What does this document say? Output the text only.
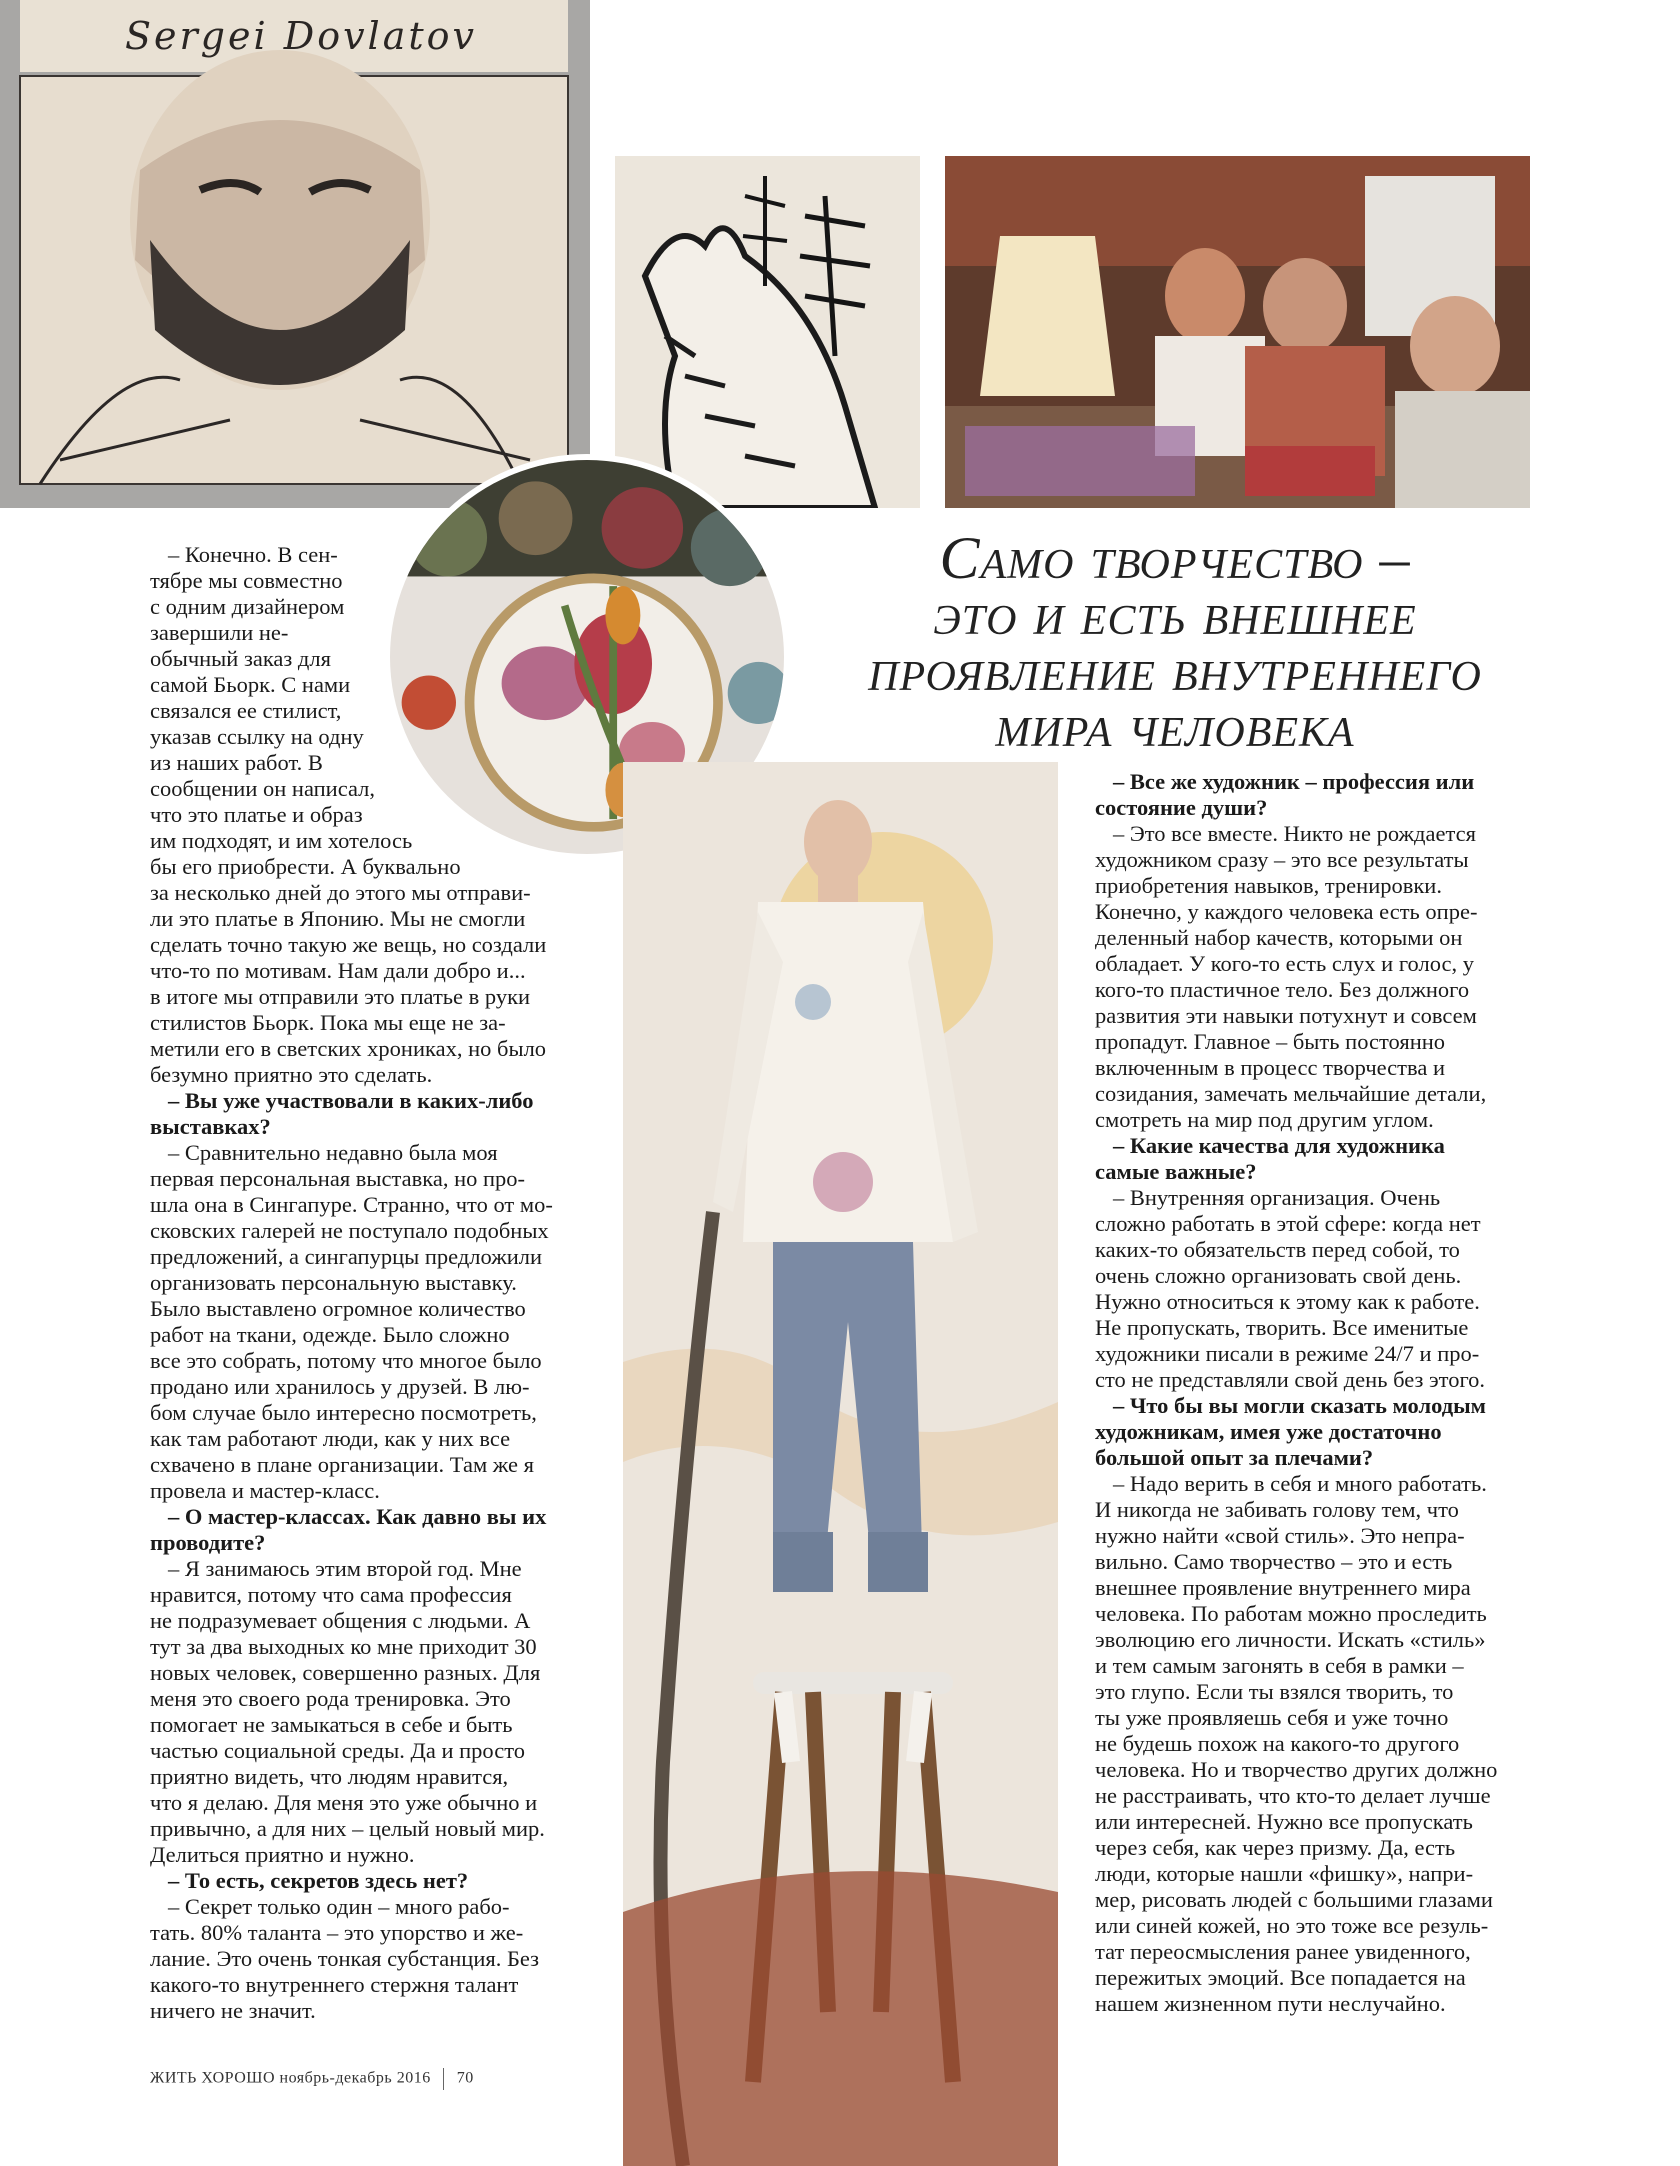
Sergei Dovlatov
Само творчество –
это и есть внешнее
проявление внутреннего
мира человека

– Конечно. В сен-

тябре мы совместно

с одним дизайнером

завершили не-

обычный заказ для

самой Бьорк. С нами

связался ее стилист,

указав ссылку на одну

из наших работ. В

сообщении он написал,

что это платье и образ

им подходят, и им хотелось

бы его приобрести. А буквально

за несколько дней до этого мы отправи-

ли это платье в Японию. Мы не смогли

сделать точно такую же вещь, но создали

что-то по мотивам. Нам дали добро и...

в итоге мы отправили это платье в руки

стилистов Бьорк. Пока мы еще не за-

метили его в светских хрониках, но было

безумно приятно это сделать.

– Вы уже участвовали в каких-либо

выставках?

– Сравнительно недавно была моя

первая персональная выставка, но про-

шла она в Сингапуре. Странно, что от мо-

сковских галерей не поступало подобных

предложений, а сингапурцы предложили

организовать персональную выставку.

Было выставлено огромное количество

работ на ткани, одежде. Было сложно

все это собрать, потому что многое было

продано или хранилось у друзей. В лю-

бом случае было интересно посмотреть,

как там работают люди, как у них все

схвачено в плане организации. Там же я

провела и мастер-класс.

– О мастер-классах. Как давно вы их

проводите?

– Я занимаюсь этим второй год. Мне

нравится, потому что сама профессия

не подразумевает общения с людьми. А

тут за два выходных ко мне приходит 30

новых человек, совершенно разных. Для

меня это своего рода тренировка. Это

помогает не замыкаться в себе и быть

частью социальной среды. Да и просто

приятно видеть, что людям нравится,

что я делаю. Для меня это уже обычно и

привычно, а для них – целый новый мир.

Делиться приятно и нужно.

– То есть, секретов здесь нет?

– Секрет только один – много рабо-

тать. 80% таланта – это упорство и же-

лание. Это очень тонкая субстанция. Без

какого-то внутреннего стержня талант

ничего не значит.

– Все же художник – профессия или

состояние души?

– Это все вместе. Никто не рождается

художником сразу – это все результаты

приобретения навыков, тренировки.

Конечно, у каждого человека есть опре-

деленный набор качеств, которыми он

обладает. У кого-то есть слух и голос, у

кого-то пластичное тело. Без должного

развития эти навыки потухнут и совсем

пропадут. Главное – быть постоянно

включенным в процесс творчества и

созидания, замечать мельчайшие детали,

смотреть на мир под другим углом.

– Какие качества для художника

самые важные?

– Внутренняя организация. Очень

сложно работать в этой сфере: когда нет

каких-то обязательств перед собой, то

очень сложно организовать свой день.

Нужно относиться к этому как к работе.

Не пропускать, творить. Все именитые

художники писали в режиме 24/7 и про-

сто не представляли свой день без этого.

– Что бы вы могли сказать молодым

художникам, имея уже достаточно

большой опыт за плечами?

– Надо верить в себя и много работать.

И никогда не забивать голову тем, что

нужно найти «свой стиль». Это непра-

вильно. Само творчество – это и есть

внешнее проявление внутреннего мира

человека. По работам можно проследить

эволюцию его личности. Искать «стиль»

и тем самым загонять в себя в рамки –

это глупо. Если ты взялся творить, то

ты уже проявляешь себя и уже точно

не будешь похож на какого-то другого

человека. Но и творчество других должно

не расстраивать, что кто-то делает лучше

или интересней. Нужно все пропускать

через себя, как через призму. Да, есть

люди, которые нашли «фишку», напри-

мер, рисовать людей с большими глазами

или синей кожей, но это тоже все резуль-

тат переосмысления ранее увиденного,

пережитых эмоций. Все попадается на

нашем жизненном пути неслучайно.

ЖИТЬ ХОРОШО ноябрь-декабрь 2016 70
